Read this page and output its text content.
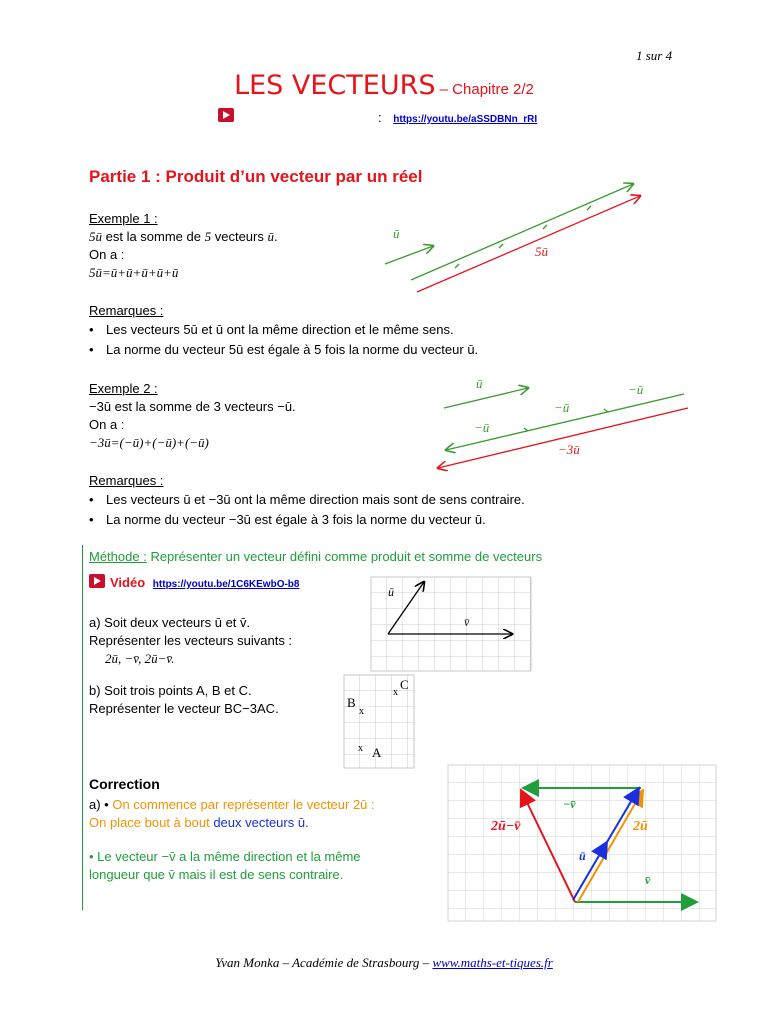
1 sur 4
LES VECTEURS – Chapitre 2/2
: https://youtu.be/aSSDBNn_rRI
Partie 1 : Produit d’un vecteur par un réel
Exemple 1 :
5ū est la somme de 5 vecteurs ū.
On a :
5ū=ū+ū+ū+ū+ū
ū
5ū
Remarques :
• Les vecteurs 5ū et ū ont la même direction et le même sens.
• La norme du vecteur 5ū est égale à 5 fois la norme du vecteur ū.
Exemple 2 :
−3ū est la somme de 3 vecteurs −ū.
On a :
−3ū=(−ū)+(−ū)+(−ū)
ū	−ū
−ū
−ū
−3ū
Remarques :
• Les vecteurs ū et −3ū ont la même direction mais sont de sens contraire.
• La norme du vecteur −3ū est égale à 3 fois la norme du vecteur ū.
Méthode : Représenter un vecteur défini comme produit et somme de vecteurs
Vidéo https://youtu.be/1C6KEwbO-b8
a) Soit deux vecteurs ū et v̄.
Représenter les vecteurs suivants :
2ū, −v̄, 2ū−v̄.
ū
v̄
b) Soit trois points A, B et C.
Représenter le vecteur BC−3AC.	B
x
C
x
x A
Correction
a) • On commence par représenter le vecteur 2ū :
On place bout à bout deux vecteurs ū.
• Le vecteur −v̄ a la même direction et la même
longueur que v̄ mais il est de sens contraire.
2ū−v̄
−v̄
2ū
ū
v̄
Yvan Monka – Académie de Strasbourg – www.maths-et-tiques.fr
